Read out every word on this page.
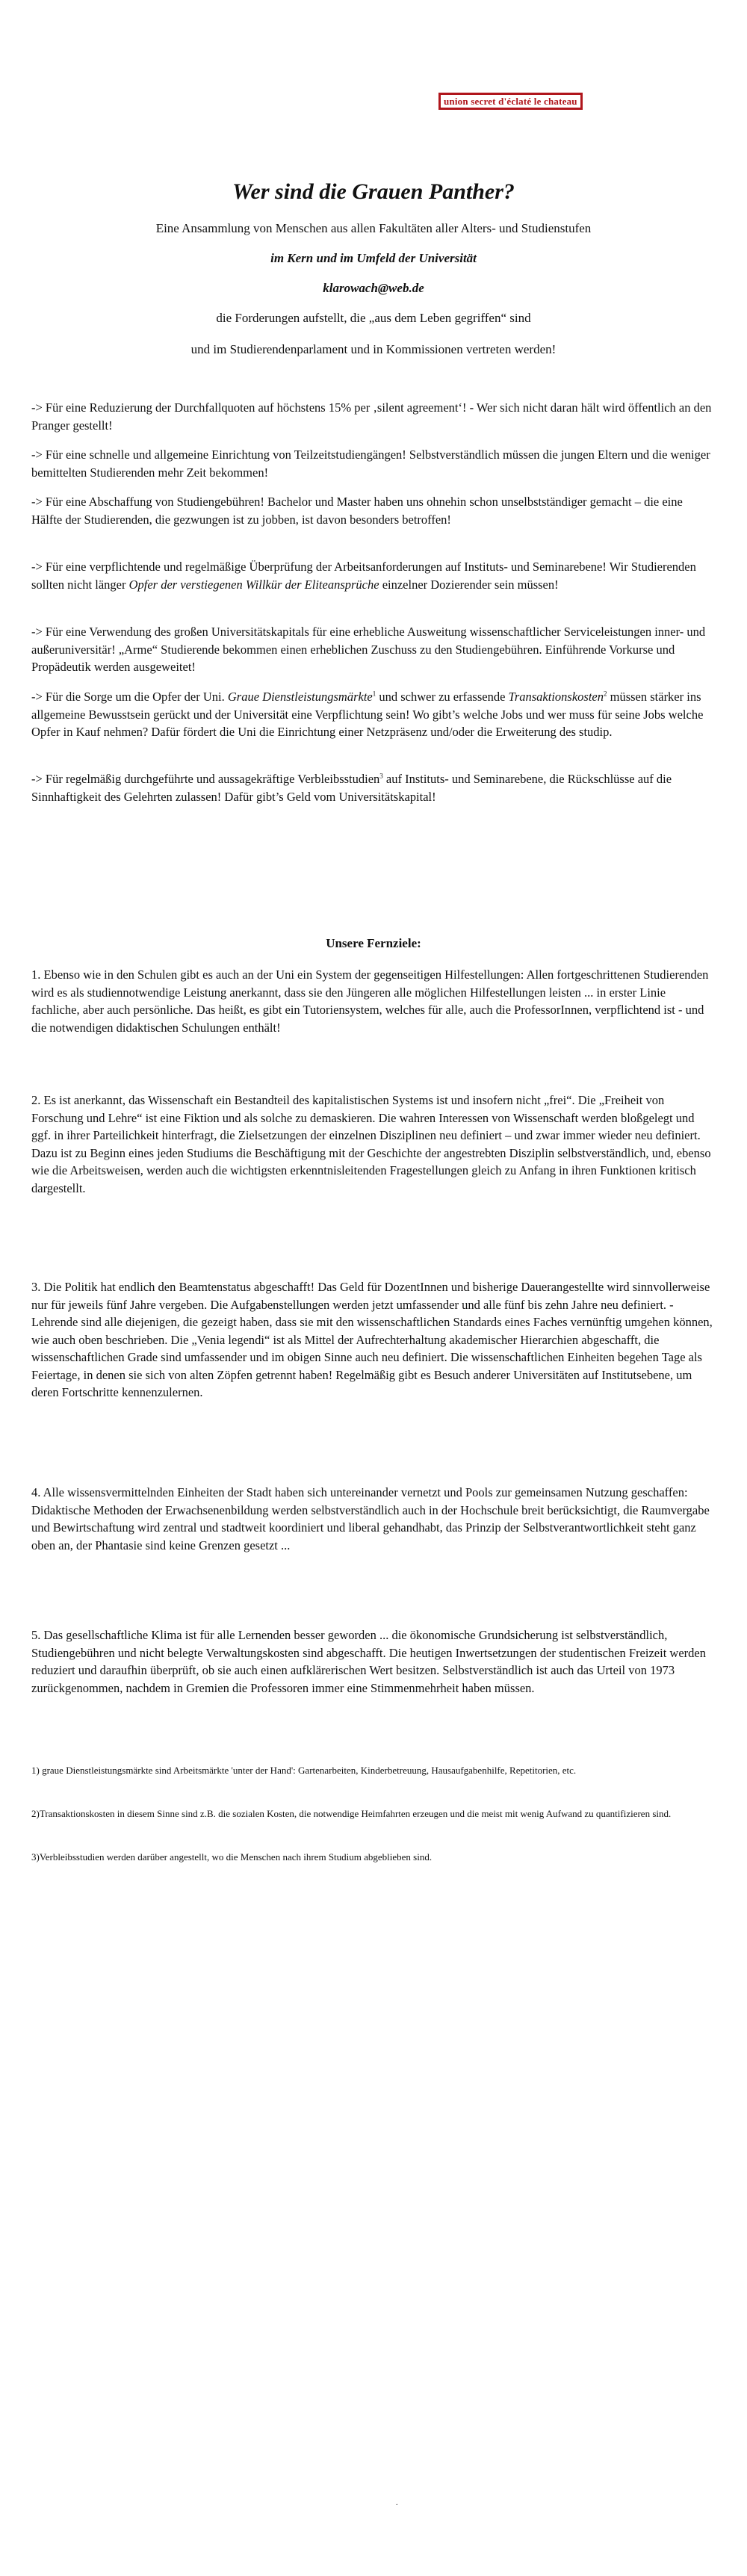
union secret d'éclaté le chateau
Wer sind die Grauen Panther?
Eine Ansammlung von Menschen aus allen Fakultäten aller Alters- und Studienstufen
im Kern und im Umfeld der Universität
klarowach@web.de
die Forderungen aufstellt, die „aus dem Leben gegriffen“ sind
und im Studierendenparlament und in Kommissionen vertreten werden!
-> Für eine Reduzierung der Durchfallquoten auf höchstens 15% per ‚silent agreement‘! - Wer sich nicht daran hält wird öffentlich an den Pranger gestellt!
-> Für eine schnelle und allgemeine Einrichtung von Teilzeitstudiengängen! Selbstverständlich müssen die jungen Eltern und die weniger bemittelten Studierenden mehr Zeit bekommen!
-> Für eine Abschaffung von Studiengebühren! Bachelor und Master haben uns ohnehin schon unselbstständiger gemacht – die eine Hälfte der Studierenden, die gezwungen ist zu jobben, ist davon besonders betroffen!
-> Für eine verpflichtende und regelmäßige Überprüfung der Arbeitsanforderungen auf Instituts- und Seminarebene! Wir Studierenden sollten nicht länger Opfer der verstiegenen Willkür der Eliteansprüche einzelner Dozierender sein müssen!
-> Für eine Verwendung des großen Universitätskapitals für eine erhebliche Ausweitung wissenschaftlicher Serviceleistungen inner- und außeruniversitär! „Arme“ Studierende bekommen einen erheblichen Zuschuss zu den Studiengebühren. Einführende Vorkurse und Propädeutik werden ausgeweitet!
-> Für die Sorge um die Opfer der Uni. Graue Dienstleistungsmärkte$^1$ und schwer zu erfassende Transaktionskosten$^2$ müssen stärker ins allgemeine Bewusstsein gerückt und der Universität eine Verpflichtung sein! Wo gibt’s welche Jobs und wer muss für seine Jobs welche Opfer in Kauf nehmen? Dafür fördert die Uni die Einrichtung einer Netzpräsenz und/oder die Erweiterung des studip.
-> Für regelmäßig durchgeführte und aussagekräftige Verbleibsstudien$^3$ auf Instituts- und Seminarebene, die Rückschlüsse auf die Sinnhaftigkeit des Gelehrten zulassen! Dafür gibt’s Geld vom Universitätskapital!
Unsere Fernziele:
1. Ebenso wie in den Schulen gibt es auch an der Uni ein System der gegenseitigen Hilfestellungen: Allen fortgeschrittenen Studierenden wird es als studiennotwendige Leistung anerkannt, dass sie den Jüngeren alle möglichen Hilfestellungen leisten ... in erster Linie fachliche, aber auch persönliche. Das heißt, es gibt ein Tutoriensystem, welches für alle, auch die ProfessorInnen, verpflichtend ist - und die notwendigen didaktischen Schulungen enthält!
2. Es ist anerkannt, das Wissenschaft ein Bestandteil des kapitalistischen Systems ist und insofern nicht „frei“. Die „Freiheit von Forschung und Lehre“ ist eine Fiktion und als solche zu demaskieren. Die wahren Interessen von Wissenschaft werden bloßgelegt und ggf. in ihrer Parteilichkeit hinterfragt, die Zielsetzungen der einzelnen Disziplinen neu definiert – und zwar immer wieder neu definiert. Dazu ist zu Beginn eines jeden Studiums die Beschäftigung mit der Geschichte der angestrebten Disziplin selbstverständlich, und, ebenso wie die Arbeitsweisen, werden auch die wichtigsten erkenntnisleitenden Fragestellungen gleich zu Anfang in ihren Funktionen kritisch dargestellt.
3. Die Politik hat endlich den Beamtenstatus abgeschafft! Das Geld für DozentInnen und bisherige Dauerangestellte wird sinnvollerweise nur für jeweils fünf Jahre vergeben. Die Aufgabenstellungen werden jetzt umfassender und alle fünf bis zehn Jahre neu definiert. - Lehrende sind alle diejenigen, die gezeigt haben, dass sie mit den wissenschaftlichen Standards eines Faches vernünftig umgehen können, wie auch oben beschrieben. Die „Venia legendi“ ist als Mittel der Aufrechterhaltung akademischer Hierarchien abgeschafft, die wissenschaftlichen Grade sind umfassender und im obigen Sinne auch neu definiert. Die wissenschaftlichen Einheiten begehen Tage als Feiertage, in denen sie sich von alten Zöpfen getrennt haben! Regelmäßig gibt es Besuch anderer Universitäten auf Institutsebene, um deren Fortschritte kennenzulernen.
4. Alle wissensvermittelnden Einheiten der Stadt haben sich untereinander vernetzt und Pools zur gemeinsamen Nutzung geschaffen: Didaktische Methoden der Erwachsenenbildung werden selbstverständlich auch in der Hochschule breit berücksichtigt, die Raumvergabe und Bewirtschaftung wird zentral und stadtweit koordiniert und liberal gehandhabt, das Prinzip der Selbstverantwortlichkeit steht ganz oben an, der Phantasie sind keine Grenzen gesetzt ...
5. Das gesellschaftliche Klima ist für alle Lernenden besser geworden ... die ökonomische Grundsicherung ist selbstverständlich, Studiengebühren und nicht belegte Verwaltungskosten sind abgeschafft. Die heutigen Inwertsetzungen der studentischen Freizeit werden reduziert und daraufhin überprüft, ob sie auch einen aufklärerischen Wert besitzen. Selbstverständlich ist auch das Urteil von 1973 zurückgenommen, nachdem in Gremien die Professoren immer eine Stimmenmehrheit haben müssen.
1) graue Dienstleistungsmärkte sind Arbeitsmärkte 'unter der Hand': Gartenarbeiten, Kinderbetreuung, Hausaufgabenhilfe, Repetitorien, etc.
2)Transaktionskosten in diesem Sinne sind z.B. die sozialen Kosten, die notwendige Heimfahrten erzeugen und die meist mit wenig Aufwand zu quantifizieren sind.
3)Verbleibsstudien werden darüber angestellt, wo die Menschen nach ihrem Studium abgeblieben sind.
.
